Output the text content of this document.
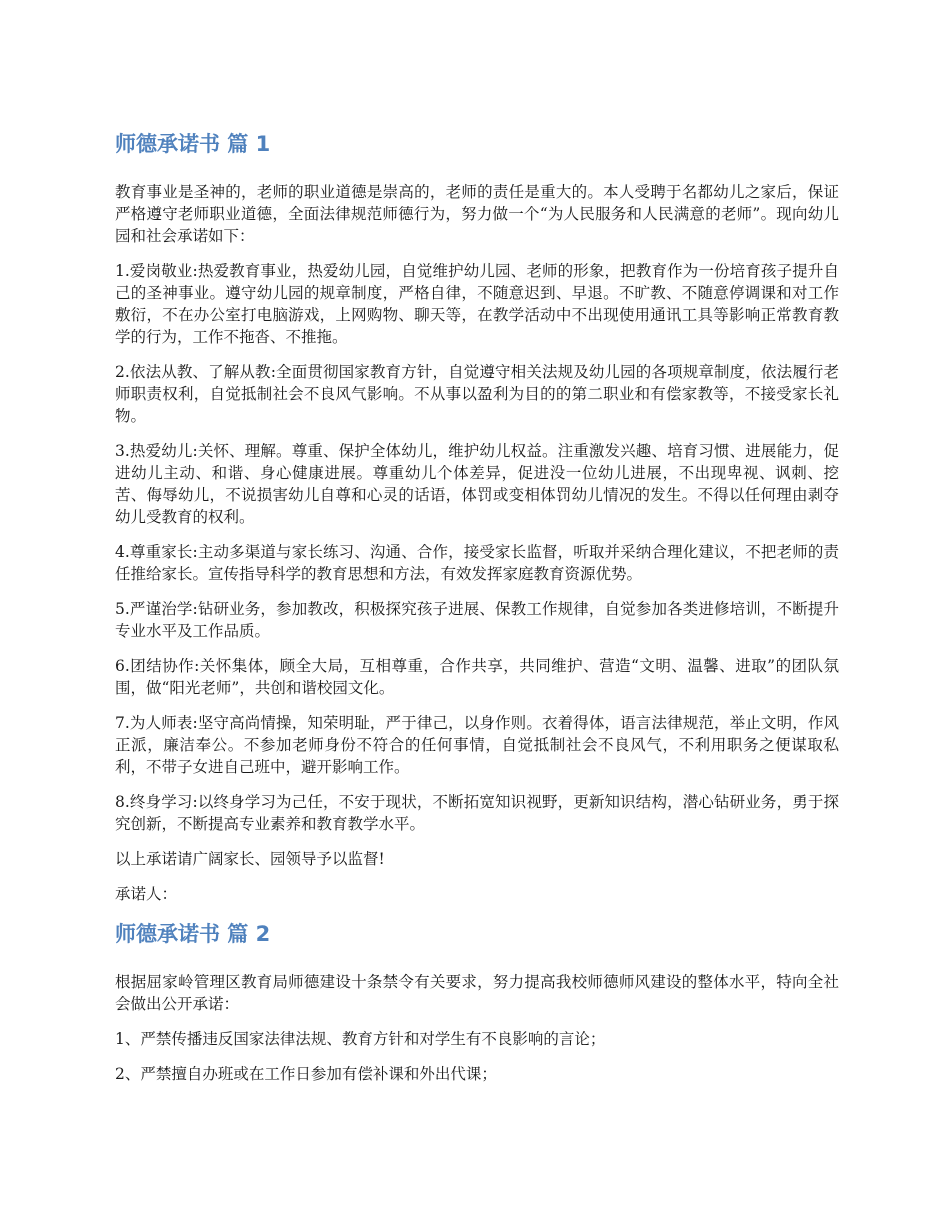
师德承诺书 篇 1

教育事业是圣神的，老师的职业道德是崇高的，老师的责任是重大的。本人受聘于名都幼儿之家后，保证严格遵守老师职业道德，全面法律规范师德行为，努力做一个“为人民服务和人民满意的老师”。现向幼儿园和社会承诺如下：

1.爱岗敬业:热爱教育事业，热爱幼儿园，自觉维护幼儿园、老师的形象，把教育作为一份培育孩子提升自己的圣神事业。遵守幼儿园的规章制度，严格自律，不随意迟到、早退。不旷教、不随意停调课和对工作敷衍，不在办公室打电脑游戏，上网购物、聊天等，在教学活动中不出现使用通讯工具等影响正常教育教学的行为，工作不拖沓、不推拖。

2.依法从教、了解从教:全面贯彻国家教育方针，自觉遵守相关法规及幼儿园的各项规章制度，依法履行老师职责权利，自觉抵制社会不良风气影响。不从事以盈利为目的的第二职业和有偿家教等，不接受家长礼物。

3.热爱幼儿:关怀、理解。尊重、保护全体幼儿，维护幼儿权益。注重激发兴趣、培育习惯、进展能力，促进幼儿主动、和谐、身心健康进展。尊重幼儿个体差异，促进没一位幼儿进展，不出现卑视、讽刺、挖苦、侮辱幼儿，不说损害幼儿自尊和心灵的话语，体罚或变相体罚幼儿情况的发生。不得以任何理由剥夺幼儿受教育的权利。

4.尊重家长:主动多渠道与家长练习、沟通、合作，接受家长监督，听取并采纳合理化建议，不把老师的责任推给家长。宣传指导科学的教育思想和方法，有效发挥家庭教育资源优势。

5.严谨治学:钻研业务，参加教改，积极探究孩子进展、保教工作规律，自觉参加各类进修培训，不断提升专业水平及工作品质。

6.团结协作:关怀集体，顾全大局，互相尊重，合作共享，共同维护、营造“文明、温馨、进取”的团队氛围，做“阳光老师”，共创和谐校园文化。

7.为人师表:坚守高尚情操，知荣明耻，严于律己，以身作则。衣着得体，语言法律规范，举止文明，作风正派，廉洁奉公。不参加老师身份不符合的任何事情，自觉抵制社会不良风气，不利用职务之便谋取私利，不带子女进自己班中，避开影响工作。

8.终身学习:以终身学习为己任，不安于现状，不断拓宽知识视野，更新知识结构，潜心钻研业务，勇于探究创新，不断提高专业素养和教育教学水平。

以上承诺请广阔家长、园领导予以监督!

承诺人：

师德承诺书 篇 2

根据屈家岭管理区教育局师德建设十条禁令有关要求，努力提高我校师德师风建设的整体水平，特向全社会做出公开承诺：

1、严禁传播违反国家法律法规、教育方针和对学生有不良影响的言论；

2、严禁擅自办班或在工作日参加有偿补课和外出代课；
